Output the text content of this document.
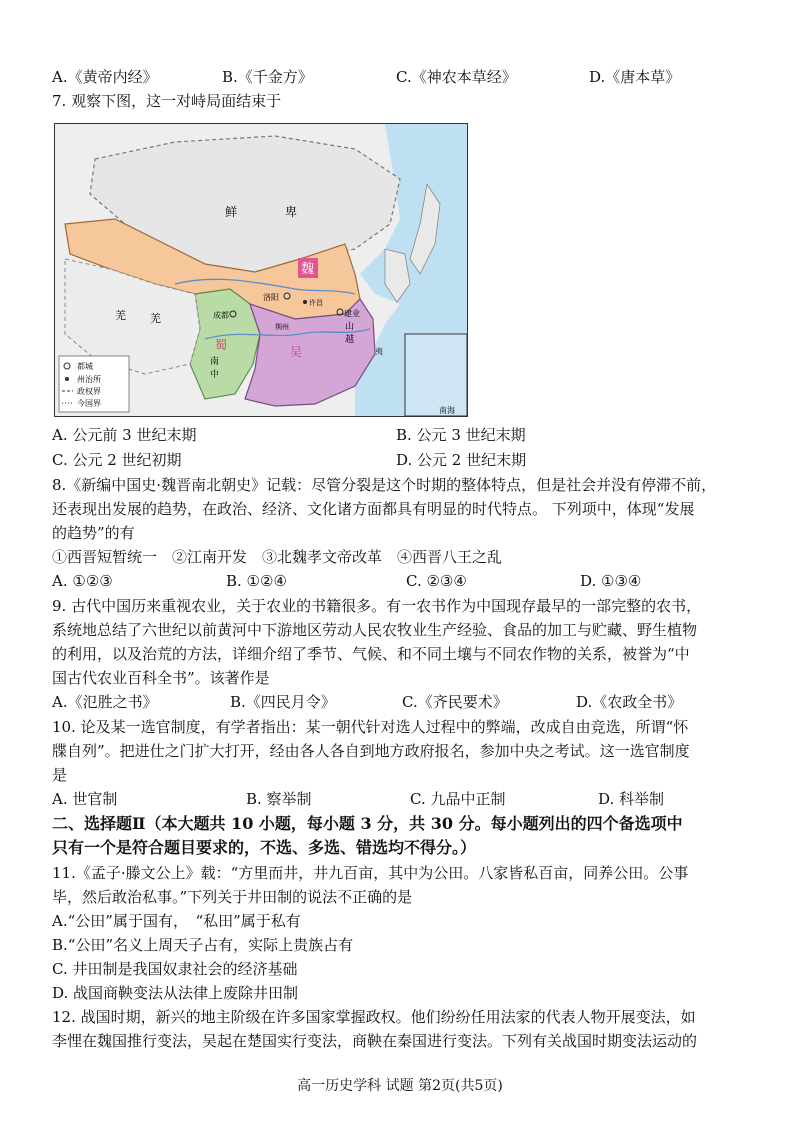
A.《黄帝内经》	B.《千金方》	C.《神农本草经》	D.《唐本草》
7. 观察下图，这一对峙局面结束于
都城
州治所
政权界
今国界
鲜	卑
魏
蜀	吴
洛阳
成都	建业
许昌
荆州
羌 羌
南
中
山
越
夷
南海
A. 公元前 3 世纪末期	B. 公元 3 世纪末期
C. 公元 2 世纪初期	D. 公元 2 世纪末期
8.《新编中国史·魏晋南北朝史》记载：尽管分裂是这个时期的整体特点，但是社会并没有停滞不前，
还表现出发展的趋势，在政治、经济、文化诸方面都具有明显的时代特点。 下列项中，体现“发展
的趋势”的有
①西晋短暂统一　②江南开发　③北魏孝文帝改革　④西晋八王之乱
A. ①②③	B. ①②④	C. ②③④	D. ①③④
9. 古代中国历来重视农业，关于农业的书籍很多。有一农书作为中国现存最早的一部完整的农书，
系统地总结了六世纪以前黄河中下游地区劳动人民农牧业生产经验、食品的加工与贮藏、野生植物
的利用，以及治荒的方法，详细介绍了季节、气候、和不同土壤与不同农作物的关系，被誉为“中
国古代农业百科全书”。该著作是
A.《氾胜之书》	B.《四民月令》	C.《齐民要术》	D.《农政全书》
10. 论及某一选官制度，有学者指出：某一朝代针对选人过程中的弊端，改成自由竞选，所谓“怀
牒自列”。把进仕之门扩大打开，经由各人各自到地方政府报名，参加中央之考试。这一选官制度
是
A. 世官制	B. 察举制	C. 九品中正制	D. 科举制
二、选择题Ⅱ（本大题共 10 小题，每小题 3 分，共 30 分。每小题列出的四个备选项中
只有一个是符合题目要求的，不选、多选、错选均不得分。）
11.《孟子·滕文公上》载：“方里而井，井九百亩，其中为公田。八家皆私百亩，同养公田。公事
毕，然后敢治私事。”下列关于井田制的说法不正确的是
A.“公田”属于国有，　“私田”属于私有
B.“公田”名义上周天子占有，实际上贵族占有
C. 井田制是我国奴隶社会的经济基础
D. 战国商鞅变法从法律上废除井田制
12. 战国时期，新兴的地主阶级在许多国家掌握政权。他们纷纷任用法家的代表人物开展变法，如
李悝在魏国推行变法，吴起在楚国实行变法，商鞅在秦国进行变法。下列有关战国时期变法运动的
高一历史学科 试题 第2页(共5页)
